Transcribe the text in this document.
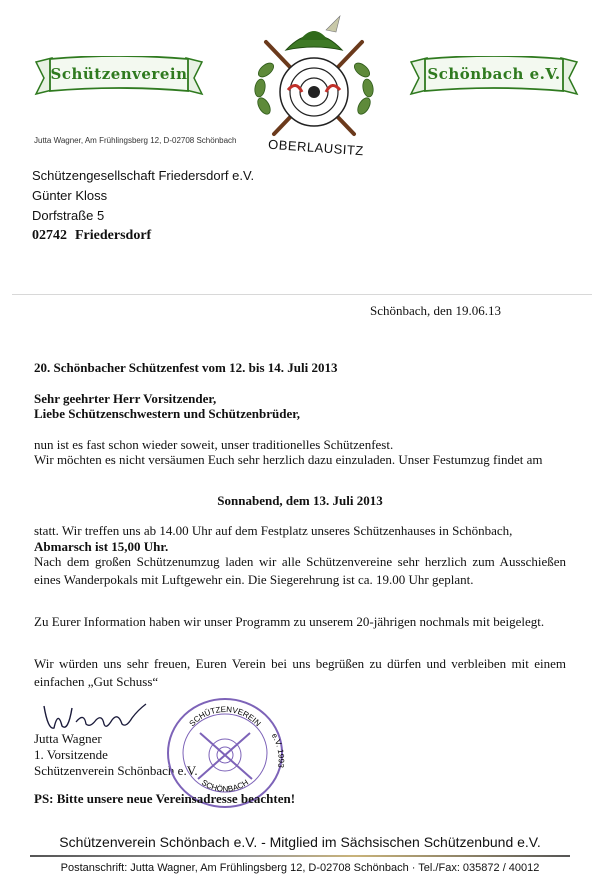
Schützenverein
OBERLAUSITZ
Schönbach e.V.
Jutta Wagner, Am Frühlingsberg 12, D-02708 Schönbach
Schützengesellschaft Friedersdorf e.V.
Günter Kloss
Dorfstraße 5
02742 Friedersdorf
Schönbach, den 19.06.13
20. Schönbacher Schützenfest vom 12. bis 14. Juli 2013
Sehr geehrter Herr Vorsitzender,
Liebe Schützenschwestern und Schützenbrüder,
nun ist es fast schon wieder soweit, unser traditionelles Schützenfest.
Wir möchten es nicht versäumen Euch sehr herzlich dazu einzuladen. Unser Festumzug findet am
Sonnabend, dem 13. Juli 2013
statt. Wir treffen uns ab 14.00 Uhr auf dem Festplatz unseres Schützenhauses in Schönbach,
Abmarsch ist 15,00 Uhr.
Nach dem großen Schützenumzug laden wir alle Schützenvereine sehr herzlich zum Ausschießen eines Wanderpokals mit Luftgewehr ein. Die Siegerehrung ist ca. 19.00 Uhr geplant.
Zu Eurer Information haben wir unser Programm zu unserem 20-jährigen nochmals mit beigelegt.
Wir würden uns sehr freuen, Euren Verein bei uns begrüßen zu dürfen und verbleiben mit einem einfachen „Gut Schuss“
Jutta Wagner
1. Vorsitzende
Schützenverein Schönbach e.V.
SCHÜTZENVEREIN
e.V. 1993
SCHÖNBACH
PS: Bitte unsere neue Vereinsadresse beachten!
Schützenverein Schönbach e.V. - Mitglied im Sächsischen Schützenbund e.V.
Postanschrift: Jutta Wagner, Am Frühlingsberg 12, D-02708 Schönbach · Tel./Fax: 035872 / 40012
